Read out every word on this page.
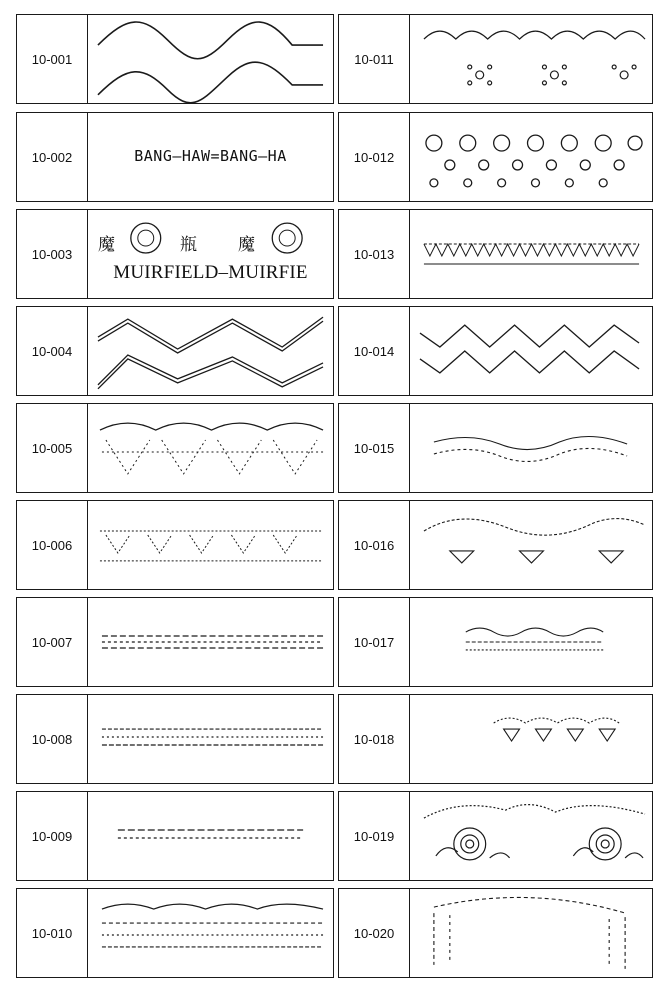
10-001
10-002	BANG–HAW=BANG–HA
10-003	魔	瓶 魔
MUIRFIELD–MUIRFIE
10-004
10-005
10-006
10-007
10-008
10-009
10-010
10-011
10-012
10-013
10-014
10-015
10-016
10-017
10-018
10-019
10-020
